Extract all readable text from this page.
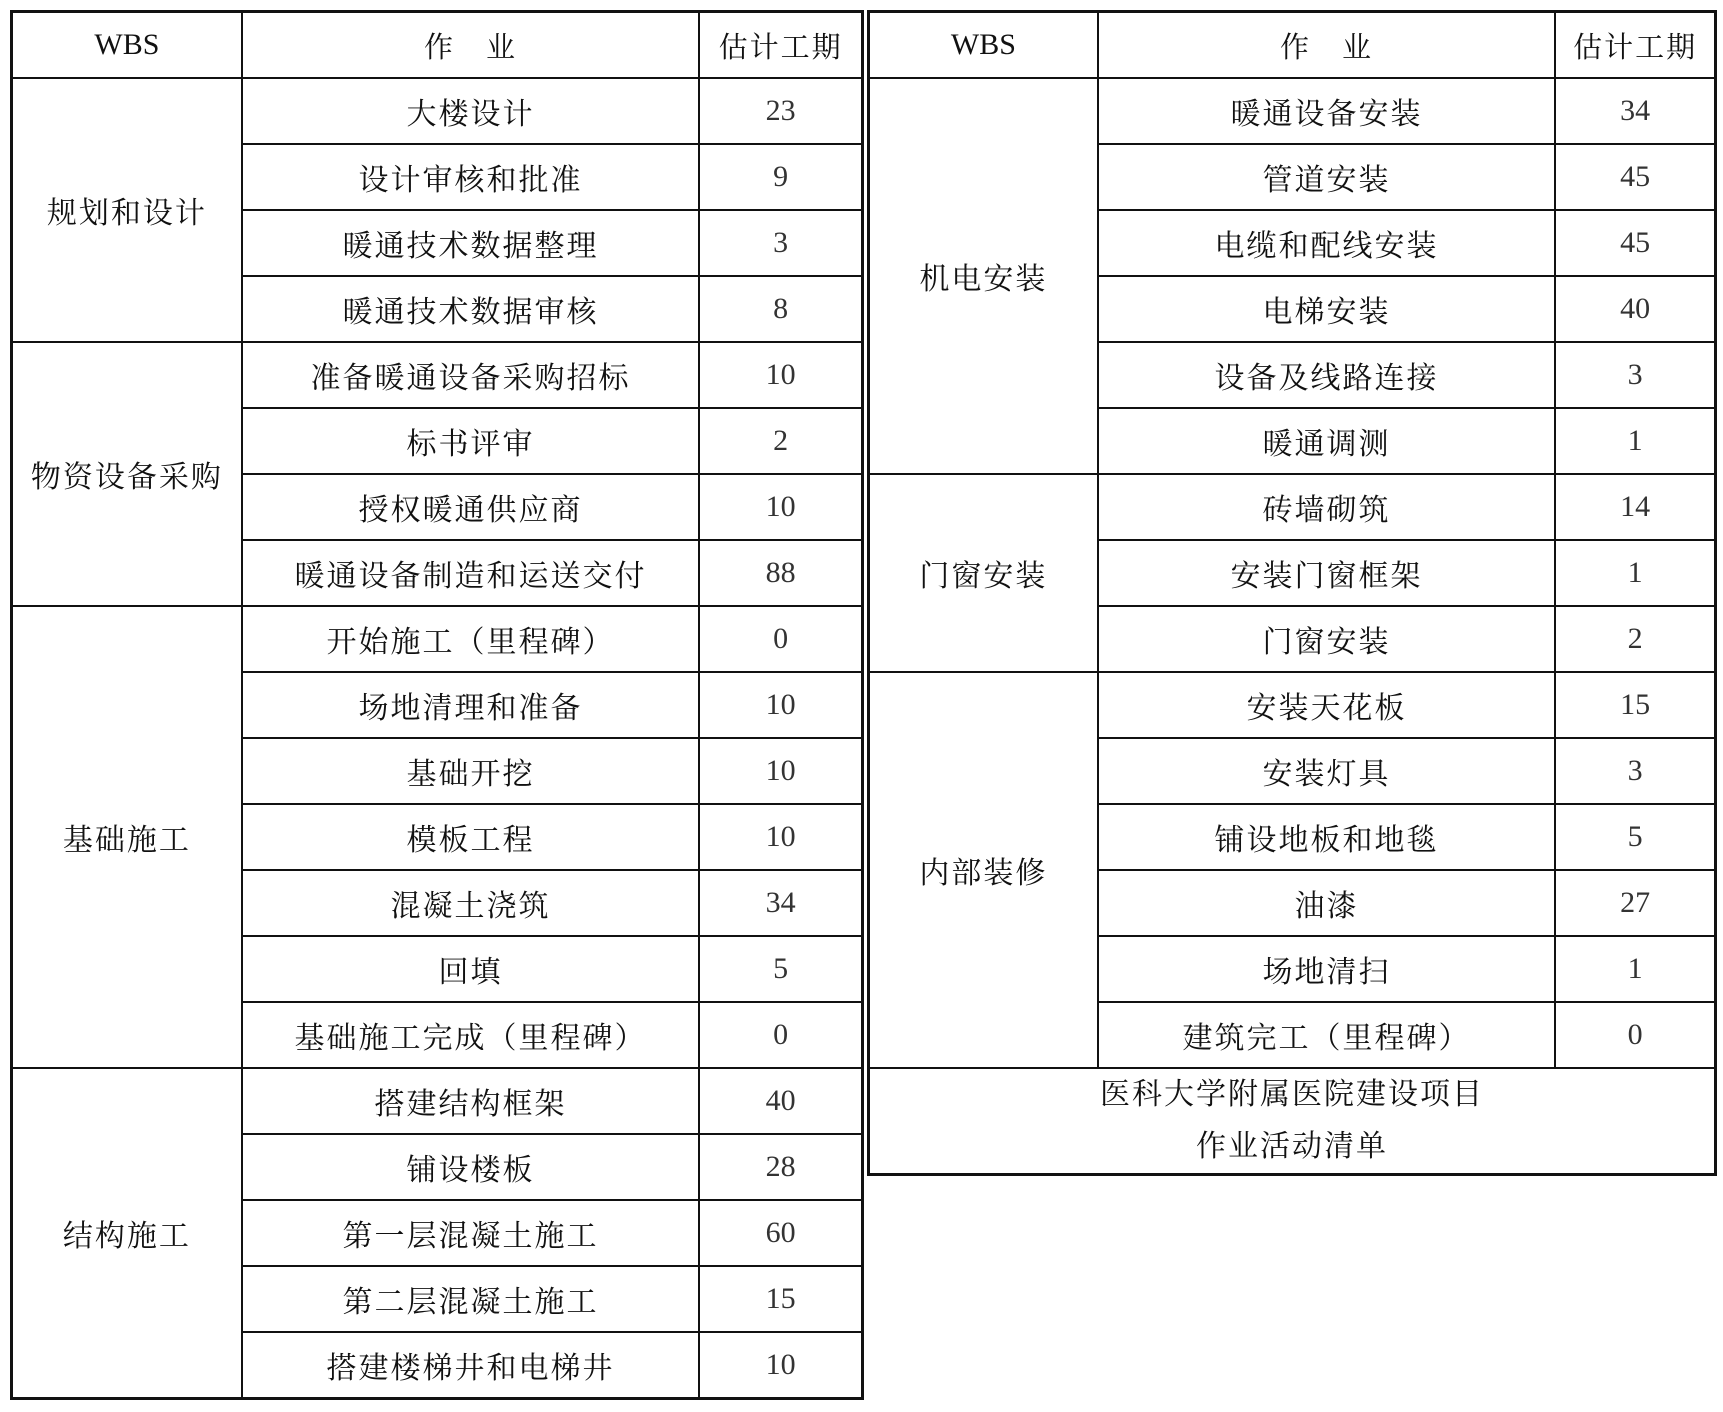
WBS	作　业	估计工期
规划和设计	大楼设计	23
	设计审核和批准	9
	暖通技术数据整理	3
	暖通技术数据审核	8
物资设备采购	准备暖通设备采购招标	10
	标书评审	2
	授权暖通供应商	10
	暖通设备制造和运送交付	88
基础施工	开始施工（里程碑）	0
	场地清理和准备	10
	基础开挖	10
	模板工程	10
	混凝土浇筑	34
	回填	5
	基础施工完成（里程碑）	0
结构施工	搭建结构框架	40
	铺设楼板	28
	第一层混凝土施工	60
	第二层混凝土施工	15
	搭建楼梯井和电梯井	10
WBS	作　业	估计工期
机电安装	暖通设备安装	34
	管道安装	45
	电缆和配线安装	45
	电梯安装	40
	设备及线路连接	3
	暖通调测	1
门窗安装	砖墙砌筑	14
	安装门窗框架	1
	门窗安装	2
内部装修	安装天花板	15
	安装灯具	3
	铺设地板和地毯	5
	油漆	27
	场地清扫	1
	建筑完工（里程碑）	0

医科大学附属医院建设项目
作业活动清单		
